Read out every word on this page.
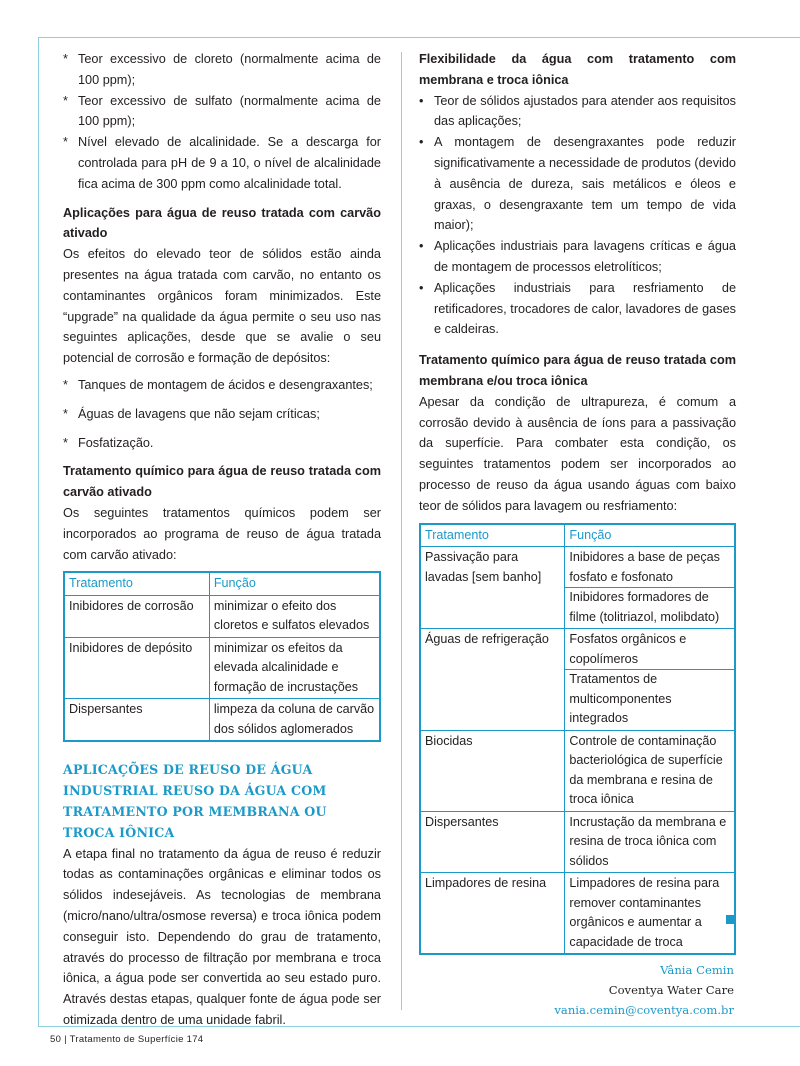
* Teor excessivo de cloreto (normalmente acima de 100 ppm);
* Teor excessivo de sulfato (normalmente acima de 100 ppm);
* Nível elevado de alcalinidade. Se a descarga for controlada para pH de 9 a 10, o nível de alcalinidade fica acima de 300 ppm como alcalinidade total.

Aplicações para água de reuso tratada com carvão ativado

Os efeitos do elevado teor de sólidos estão ainda presentes na água tratada com carvão, no entanto os contaminantes orgânicos foram minimizados. Este “upgrade” na qualidade da água permite o seu uso nas seguintes aplicações, desde que se avalie o seu potencial de corrosão e formação de depósitos:

* Tanques de montagem de ácidos e desengraxantes;
* Águas de lavagens que não sejam críticas;
* Fosfatização.

Tratamento químico para água de reuso tratada com carvão ativado

Os seguintes tratamentos químicos podem ser incorporados ao programa de reuso de água tratada com carvão ativado:

Tratamento	Função
Inibidores de corrosão	minimizar o efeito dos cloretos e sulfatos elevados
Inibidores de depósito	minimizar os efeitos da elevada alcalinidade e formação de incrustações
Dispersantes	limpeza da coluna de carvão dos sólidos aglomerados

APLICAÇÕES DE REUSO DE ÁGUA INDUSTRIAL REUSO DA ÁGUA COM TRATAMENTO POR MEMBRANA OU TROCA IÔNICA

A etapa final no tratamento da água de reuso é reduzir todas as contaminações orgânicas e eliminar todos os sólidos indesejáveis. As tecnologias de membrana (micro/nano/ultra/osmose reversa) e troca iônica podem conseguir isto. Dependendo do grau de tratamento, através do processo de filtração por membrana e troca iônica, a água pode ser convertida ao seu estado puro. Através destas etapas, qualquer fonte de água pode ser otimizada dentro de uma unidade fabril.

Flexibilidade da água com tratamento com membrana e troca iônica

• Teor de sólidos ajustados para atender aos requisitos das aplicações;
• A montagem de desengraxantes pode reduzir significativamente a necessidade de produtos (devido à ausência de dureza, sais metálicos e óleos e graxas, o desengraxante tem um tempo de vida maior);
• Aplicações industriais para lavagens críticas e água de montagem de processos eletrolíticos;
• Aplicações industriais para resfriamento de retificadores, trocadores de calor, lavadores de gases e caldeiras.

Tratamento químico para água de reuso tratada com membrana e/ou troca iônica

Apesar da condição de ultrapureza, é comum a corrosão devido à ausência de íons para a passivação da superfície. Para combater esta condição, os seguintes tratamentos podem ser incorporados ao processo de reuso da água usando águas com baixo teor de sólidos para lavagem ou resfriamento:

Tratamento	Função
Passivação para lavadas [sem banho]	Inibidores a base de peças fosfato e fosfonato
Inibidores formadores de filme (tolitriazol, molibdato)

Águas de refrigeração	Fosfatos orgânicos e copolímeros
Tratamentos de multicomponentes integrados

Biocidas	Controle de contaminação bacteriológica de superfície da membrana e resina de troca iônica
Dispersantes	Incrustação da membrana e resina de troca iônica com sólidos
Limpadores de resina	Limpadores de resina para remover contaminantes orgânicos e aumentar a capacidade de troca
Vânia Cemin
Coventya Water Care
vania.cemin@coventya.com.br
50 | Tratamento de Superfície 174
